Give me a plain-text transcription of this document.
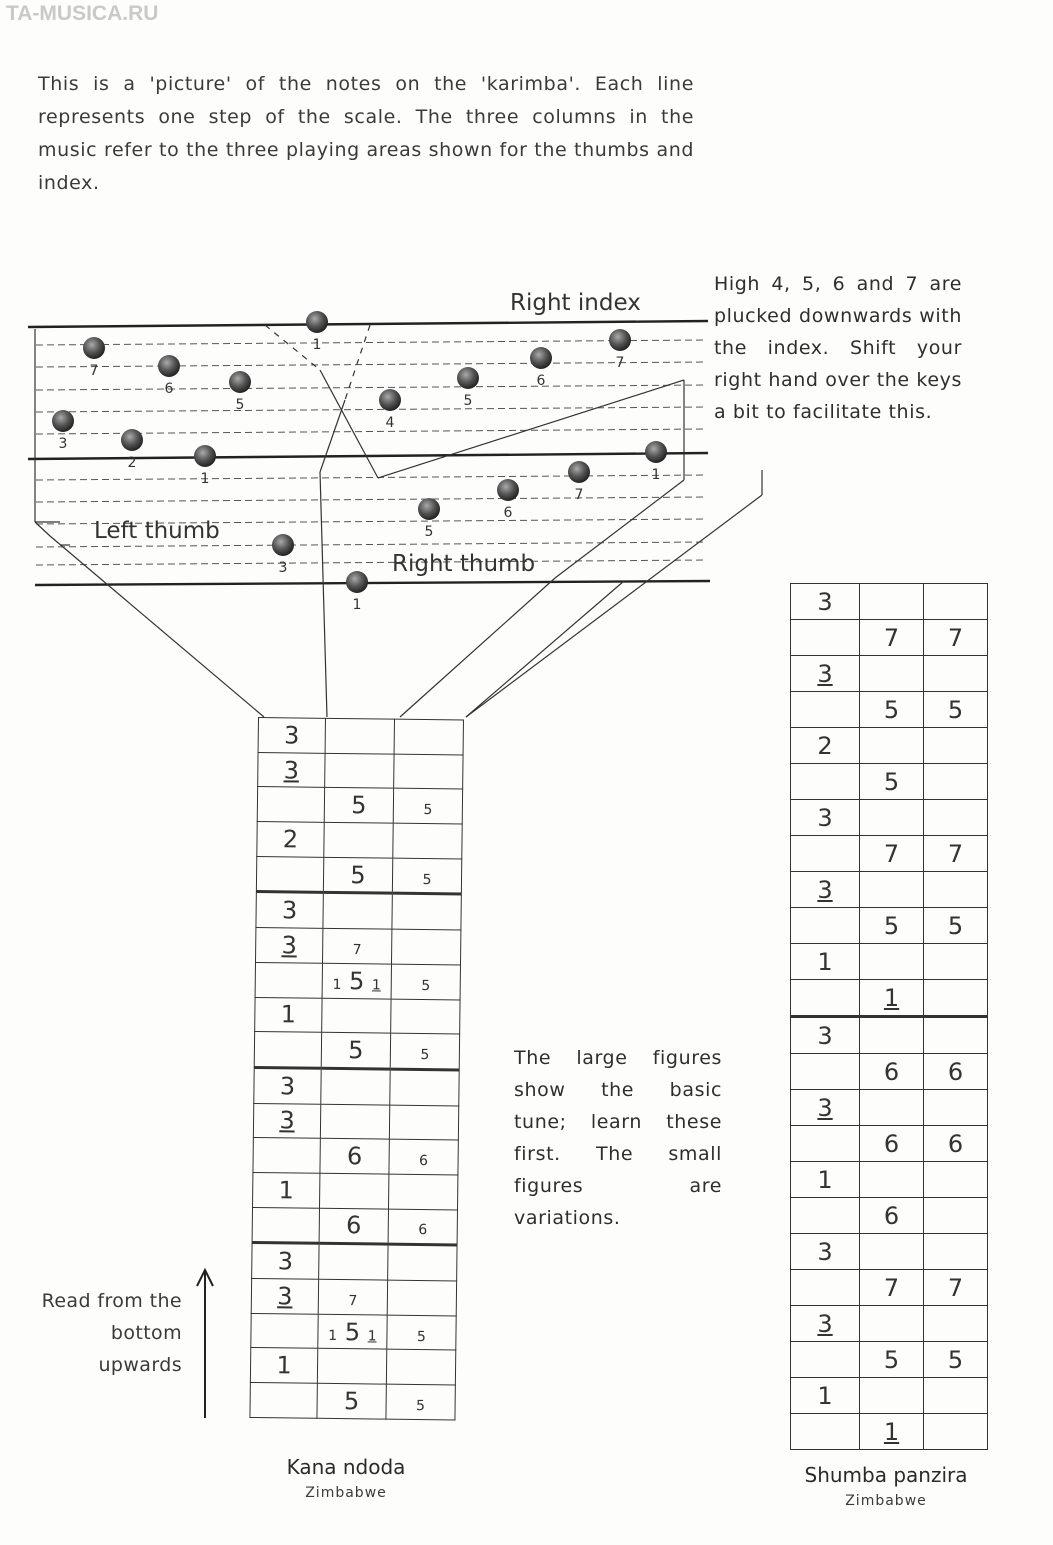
TA-MUSICA.RU
This is a 'picture' of the notes on the 'karimba'. Each line represents one step of the scale. The three columns in the music refer to the three playing areas shown for the thumbs and index.
7
6
5
3
2
1
1
4
5
6
7
1
7
6
5
3
1
Right index
Left thumb
Right thumb
High 4, 5, 6 and 7 are plucked downwards with the index. Shift your right hand over the keys a bit to facilitate this.
The large figures show the basic tune; learn these first. The small figures are variations.
Read from the bottom upwards
3		
3		
	5	5
2		
	5	5
3		
3	7	
	1 5 1	5
1		
	5	5
3		
3		
	6	6
1		
	6	6
3		
3	7	
	1 5 1	5
1		
	5	5
Kana ndoda
Zimbabwe
3		
	7	7
3		
	5	5
2		
	5	
3		
	7	7
3		
	5	5
1		
	1	
3		
	6	6
3		
	6	6
1		
	6	
3		
	7	7
3		
	5	5
1		
	1	
Shumba panzira
Zimbabwe
